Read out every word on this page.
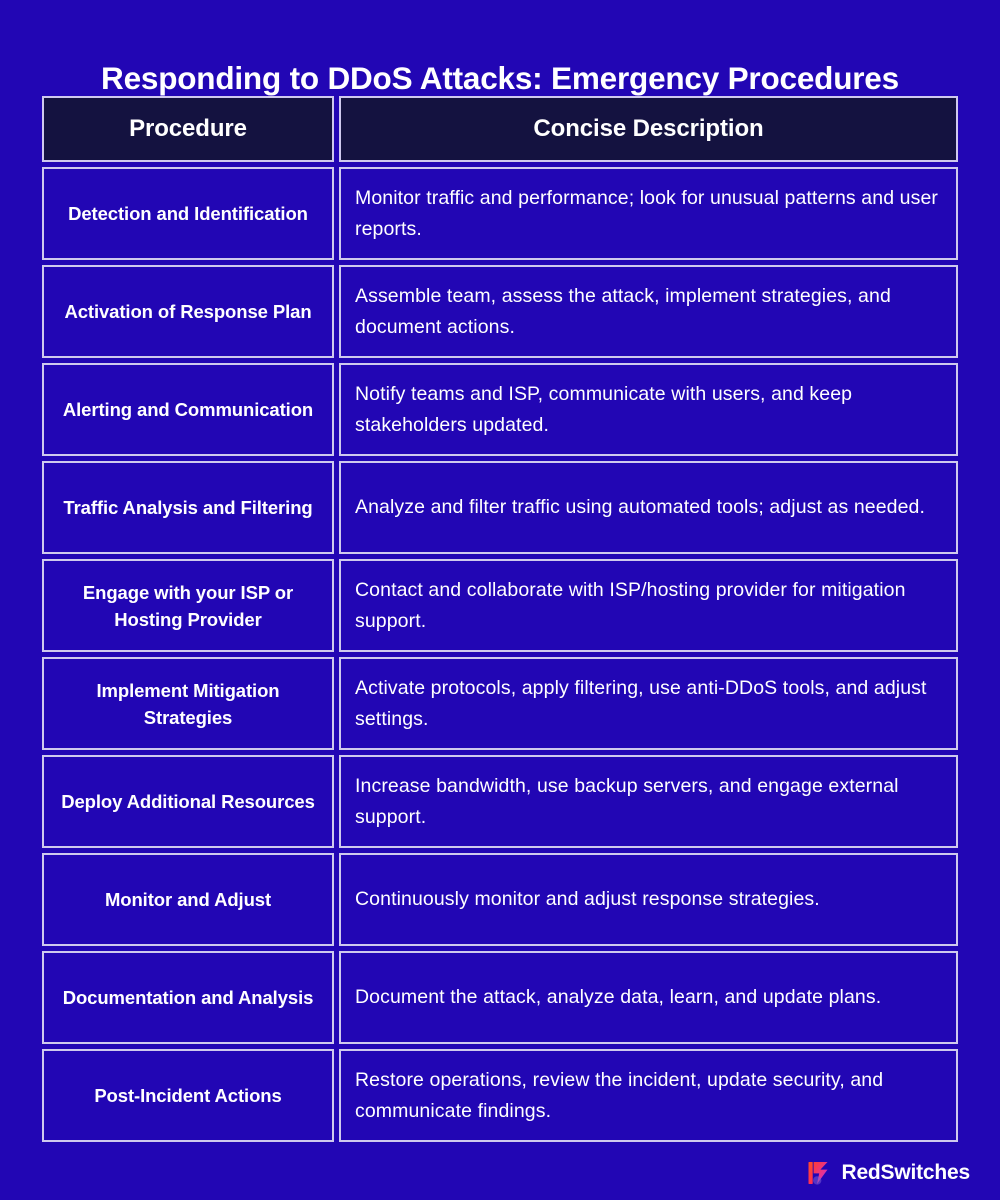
Responding to DDoS Attacks: Emergency Procedures
Procedure	Concise Description
Detection and Identification	Monitor traffic and performance; look for unusual patterns and user reports.
Activation of Response Plan	Assemble team, assess the attack, implement strategies, and document actions.
Alerting and Communication	Notify teams and ISP, communicate with users, and keep stakeholders updated.
Traffic Analysis and Filtering	Analyze and filter traffic using automated tools; adjust as needed.
Engage with your ISP or Hosting Provider	Contact and collaborate with ISP/hosting provider for mitigation support.
Implement Mitigation Strategies	Activate protocols, apply filtering, use anti-DDoS tools, and adjust settings.
Deploy Additional Resources	Increase bandwidth, use backup servers, and engage external support.
Monitor and Adjust	Continuously monitor and adjust response strategies.
Documentation and Analysis	Document the attack, analyze data, learn, and update plans.
Post-Incident Actions	Restore operations, review the incident, update security, and communicate findings.
RedSwitches
